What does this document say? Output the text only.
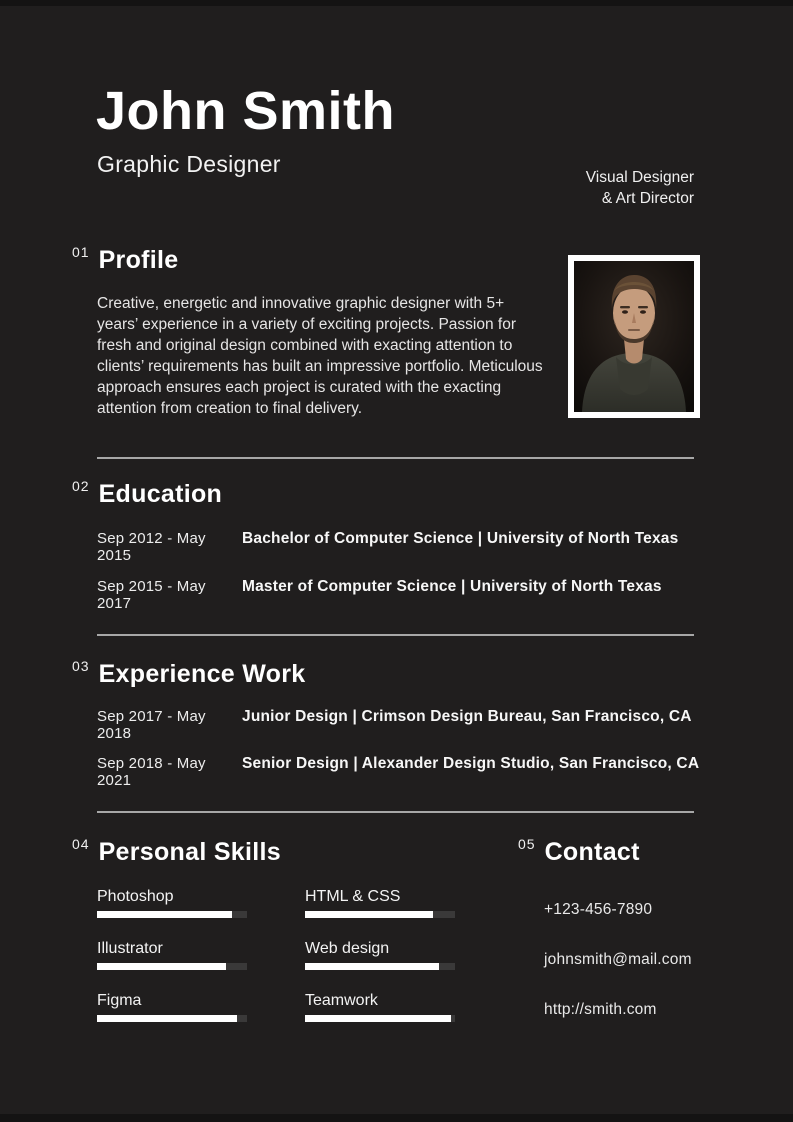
John Smith
Graphic Designer
Visual Designer
& Art Director
01 Profile

Creative, energetic and innovative graphic designer with 5+ years’ experience in a variety of exciting projects. Passion for fresh and original design combined with exacting attention to clients’ requirements has built an impressive portfolio. Meticulous approach ensures each project is curated with the exacting attention from creation to final delivery.

02 Education
Sep 2012 - May 2015
Bachelor of Computer Science | University of North Texas
Sep 2015 - May 2017
Master of Computer Science | University of North Texas
03 Experience Work
Sep 2017 - May 2018
Junior Design | Crimson Design Bureau, San Francisco, CA
Sep 2018 - May 2021
Senior Design | Alexander Design Studio, San Francisco, CA
04 Personal Skills
Photoshop
Illustrator
Figma
HTML & CSS
Web design
Teamwork
05 Contact
+123-456-7890
johnsmith@mail.com
http://smith.com
